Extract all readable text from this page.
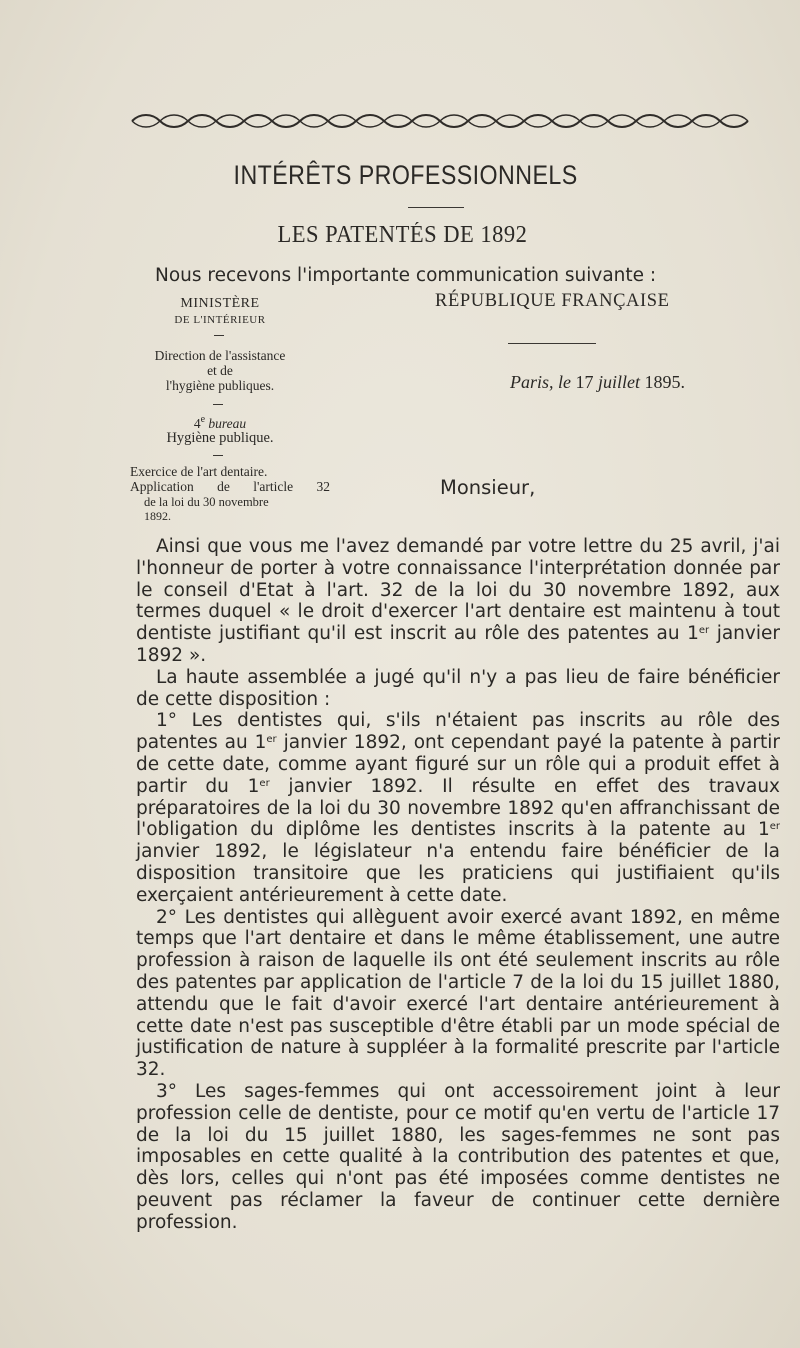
INTÉRÊTS PROFESSIONNELS
LES PATENTÉS DE 1892
Nous recevons l'importante communication suivante :
MINISTÈRE
DE L'INTÉRIEUR
Direction de l'assistance
et de
l'hygiène publiques.
4e bureau
Hygiène publique.
Exercice de l'art dentaire.
Application de l'article 32
de la loi du 30 novembre
1892.
RÉPUBLIQUE FRANÇAISE
Paris, le 17 juillet 1895.
Monsieur,

Ainsi que vous me l'avez demandé par votre lettre du 25 avril, j'ai l'honneur de porter à votre connaissance l'interprétation donnée par le conseil d'Etat à l'art. 32 de la loi du 30 novembre 1892, aux termes duquel « le droit d'exercer l'art dentaire est maintenu à tout dentiste justifiant qu'il est inscrit au rôle des patentes au 1er janvier 1892 ».

La haute assemblée a jugé qu'il n'y a pas lieu de faire bénéficier de cette disposition :

1° Les dentistes qui, s'ils n'étaient pas inscrits au rôle des patentes au 1er janvier 1892, ont cependant payé la patente à partir de cette date, comme ayant figuré sur un rôle qui a produit effet à partir du 1er janvier 1892. Il résulte en effet des travaux préparatoires de la loi du 30 novembre 1892 qu'en affranchissant de l'obligation du diplôme les dentistes inscrits à la patente au 1er janvier 1892, le législateur n'a entendu faire bénéficier de la disposition transitoire que les praticiens qui justifiaient qu'ils exerçaient antérieurement à cette date.

2° Les dentistes qui allèguent avoir exercé avant 1892, en même temps que l'art dentaire et dans le même établissement, une autre profession à raison de laquelle ils ont été seulement inscrits au rôle des patentes par application de l'article 7 de la loi du 15 juillet 1880, attendu que le fait d'avoir exercé l'art dentaire antérieurement à cette date n'est pas susceptible d'être établi par un mode spécial de justification de nature à suppléer à la formalité prescrite par l'article 32.

3° Les sages-femmes qui ont accessoirement joint à leur profession celle de dentiste, pour ce motif qu'en vertu de l'article 17 de la loi du 15 juillet 1880, les sages-femmes ne sont pas imposables en cette qualité à la contribution des patentes et que, dès lors, celles qui n'ont pas été imposées comme dentistes ne peuvent pas réclamer la faveur de continuer cette dernière profession.
